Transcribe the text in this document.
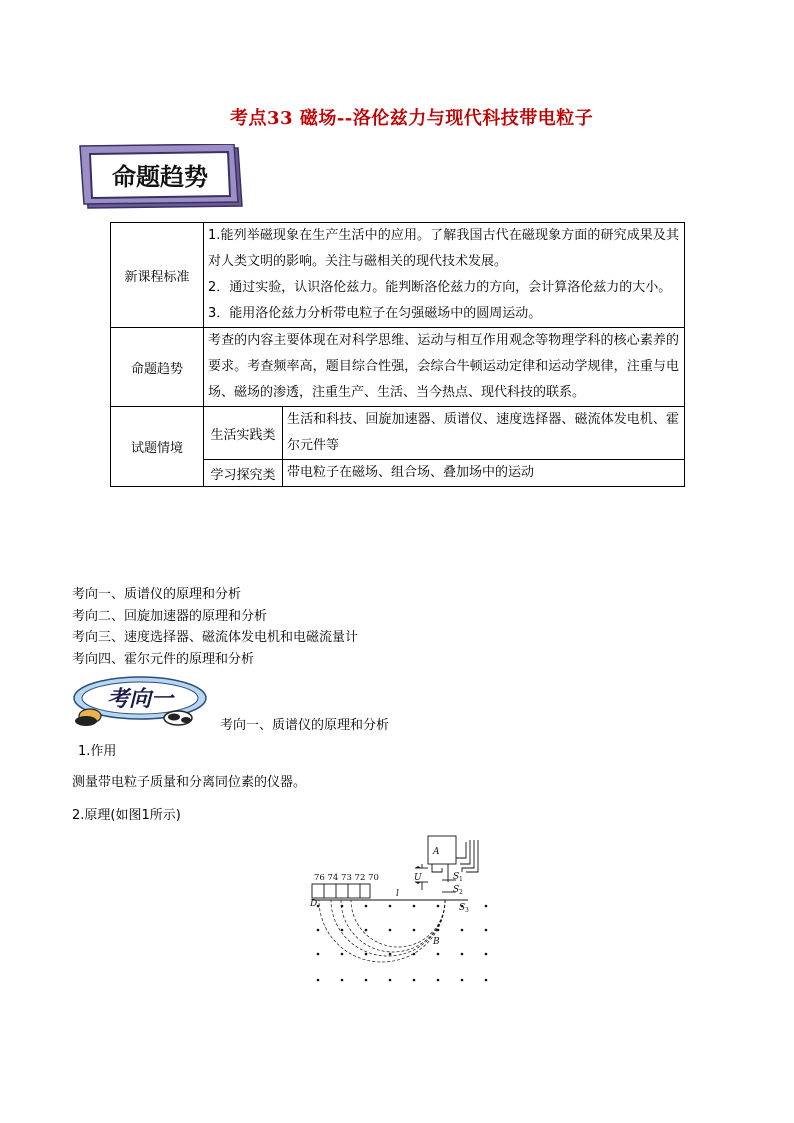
考点33 磁场--洛伦兹力与现代科技带电粒子
命题趋势
新课程标准	1.能列举磁现象在生产生活中的应用。了解我国古代在磁现象方面的研究成果及其对人类文明的影响。关注与磁相关的现代技术发展。
2．通过实验，认识洛伦兹力。能判断洛伦兹力的方向，会计算洛伦兹力的大小。
3．能用洛伦兹力分析带电粒子在匀强磁场中的圆周运动。	

命题趋势	考查的内容主要体现在对科学思维、运动与相互作用观念等物理学科的核心素养的要求。考查频率高，题目综合性强，会综合牛顿运动定律和运动学规律，注重与电场、磁场的渗透，注重生产、生活、当今热点、现代科技的联系。	
试题情境	生活实践类	生活和科技、回旋加速器、质谱仪、速度选择器、磁流体发电机、霍尔元件等
	学习探究类	带电粒子在磁场、组合场、叠加场中的运动
考向一、质谱仪的原理和分析
考向二、回旋加速器的原理和分析
考向三、速度选择器、磁流体发电机和电磁流量计
考向四、霍尔元件的原理和分析
考向一
考向一、质谱仪的原理和分析
1.作用
测量带电粒子质量和分离同位素的仪器。
2.原理(如图1所示)
76 74 73 72 70
A
U	S 1
S 2
S 3
D
l
B
